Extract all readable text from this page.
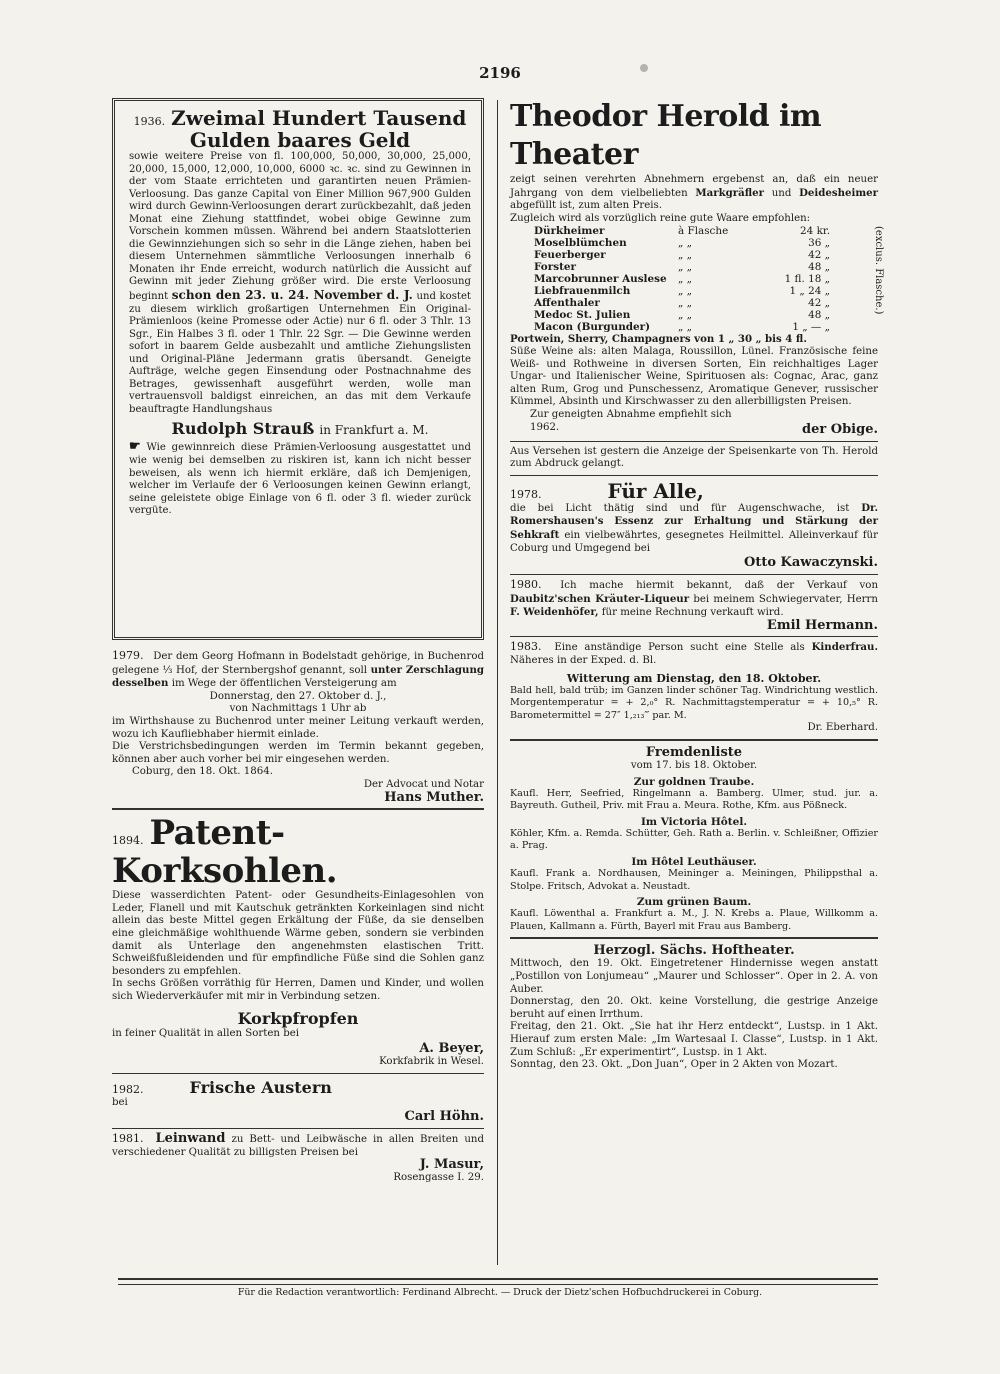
2196
1936. Zweimal Hundert Tausend
Gulden baares Geld
sowie weitere Preise von fl. 100,000, 50,000, 30,000, 25,000, 20,000, 15,000, 12,000, 10,000, 6000 ꝛc. ꝛc. sind zu Gewinnen in der vom Staate errichteten und garantirten neuen Prämien-Verloosung. Das ganze Capital von Einer Million 967,900 Gulden wird durch Gewinn-Verloosungen derart zurückbezahlt, daß jeden Monat eine Ziehung stattfindet, wobei obige Gewinne zum Vorschein kommen müssen. Während bei andern Staatslotterien die Gewinnziehungen sich so sehr in die Länge ziehen, haben bei diesem Unternehmen sämmtliche Verloosungen innerhalb 6 Monaten ihr Ende erreicht, wodurch natürlich die Aussicht auf Gewinn mit jeder Ziehung größer wird. Die erste Verloosung beginnt schon den 23. u. 24. November d. J. und kostet zu diesem wirklich großartigen Unternehmen Ein Original-Prämienloos (keine Promesse oder Actie) nur 6 fl. oder 3 Thlr. 13 Sgr., Ein Halbes 3 fl. oder 1 Thlr. 22 Sgr. — Die Gewinne werden sofort in baarem Gelde ausbezahlt und amtliche Ziehungslisten und Original-Pläne Jedermann gratis übersandt. Geneigte Aufträge, welche gegen Einsendung oder Postnachnahme des Betrages, gewissenhaft ausgeführt werden, wolle man vertrauensvoll baldigst einreichen, an das mit dem Verkaufe beauftragte Handlungshaus
Rudolph Strauß in Frankfurt a. M.
☛ Wie gewinnreich diese Prämien-Verloosung ausgestattet und wie wenig bei demselben zu riskiren ist, kann ich nicht besser beweisen, als wenn ich hiermit erkläre, daß ich Demjenigen, welcher im Verlaufe der 6 Verloosungen keinen Gewinn erlangt, seine geleistete obige Einlage von 6 fl. oder 3 fl. wieder zurück vergüte.
1979. Der dem Georg Hofmann in Bodelstadt gehörige, in Buchenrod gelegene ⅓ Hof, der Sternbergshof genannt, soll unter Zerschlagung desselben im Wege der öffentlichen Versteigerung am
Donnerstag, den 27. Oktober d. J.,
von Nachmittags 1 Uhr ab
im Wirthshause zu Buchenrod unter meiner Leitung verkauft werden, wozu ich Kaufliebhaber hiermit einlade.
Die Verstrichsbedingungen werden im Termin bekannt gegeben, können aber auch vorher bei mir eingesehen werden.
Coburg, den 18. Okt. 1864.
Der Advocat und Notar
Hans Muther.
1894. Patent-Korksohlen.
Diese wasserdichten Patent- oder Gesundheits-Einlagesohlen von Leder, Flanell und mit Kautschuk getränkten Korkeinlagen sind nicht allein das beste Mittel gegen Erkältung der Füße, da sie denselben eine gleichmäßige wohlthuende Wärme geben, sondern sie verbinden damit als Unterlage den angenehmsten elastischen Tritt. Schweißfußleidenden und für empfindliche Füße sind die Sohlen ganz besonders zu empfehlen.
In sechs Größen vorräthig für Herren, Damen und Kinder, und wollen sich Wiederverkäufer mit mir in Verbindung setzen.
Korkpfropfen
in feiner Qualität in allen Sorten bei
A. Beyer,
Korkfabrik in Wesel.
1982.	Frische Austern
bei
Carl Höhn.
1981. Leinwand zu Bett- und Leibwäsche in allen Breiten und verschiedener Qualität zu billigsten Preisen bei
J. Masur,
Rosengasse I. 29.
Theodor Herold im Theater
zeigt seinen verehrten Abnehmern ergebenst an, daß ein neuer Jahrgang von dem vielbeliebten Markgräfler und Deidesheimer abgefüllt ist, zum alten Preis.
Zugleich wird als vorzüglich reine gute Waare empfohlen:
Dürkheimer	à Flasche	24 kr.
Moselblümchen	„ „	36 „
Feuerberger	„ „	42 „
Forster	„ „	48 „
Marcobrunner Auslese	„ „	1 fl. 18 „
Liebfrauenmilch	„ „	1 „ 24 „
Affenthaler	„ „	42 „
Medoc St. Julien	„ „	48 „
Macon (Burgunder)	„ „	1 „ — „
(exclus. Flasche.)
Portwein, Sherry, Champagners von 1 „ 30 „ bis 4 fl.
Süße Weine als: alten Malaga, Roussillon, Lünel. Französische feine Weiß- und Rothweine in diversen Sorten, Ein reichhaltiges Lager Ungar- und Italienischer Weine, Spirituosen als: Cognac, Arac, ganz alten Rum, Grog und Punschessenz, Aromatique Genever, russischer Kümmel, Absinth und Kirschwasser zu den allerbilligsten Preisen.
Zur geneigten Abnahme empfiehlt sich
1962.	der Obige.
Aus Versehen ist gestern die Anzeige der Speisenkarte von Th. Herold zum Abdruck gelangt.
1978.	Für Alle,
die bei Licht thätig sind und für Augenschwache, ist Dr. Romershausen's Essenz zur Erhaltung und Stärkung der Sehkraft ein vielbewährtes, gesegnetes Heilmittel. Alleinverkauf für Coburg und Umgegend bei
Otto Kawaczynski.
1980. Ich mache hiermit bekannt, daß der Verkauf von Daubitz'schen Kräuter-Liqueur bei meinem Schwiegervater, Herrn F. Weidenhöfer, für meine Rechnung verkauft wird.
Emil Hermann.
1983. Eine anständige Person sucht eine Stelle als Kinderfrau. Näheres in der Exped. d. Bl.
Witterung am Dienstag, den 18. Oktober.
Bald hell, bald trüb; im Ganzen linder schöner Tag. Windrichtung westlich. Morgentemperatur = + 2,₀° R. Nachmittagstemperatur = + 10,₅° R. Barometermittel = 27″ 1,₂₁₃‴ par. M.
Dr. Eberhard.
Fremdenliste
vom 17. bis 18. Oktober.
Zur goldnen Traube.
Kaufl. Herr, Seefried, Ringelmann a. Bamberg. Ulmer, stud. jur. a. Bayreuth. Gutheil, Priv. mit Frau a. Meura. Rothe, Kfm. aus Pößneck.
Im Victoria Hôtel.
Köhler, Kfm. a. Remda. Schütter, Geh. Rath a. Berlin. v. Schleißner, Offizier a. Prag.
Im Hôtel Leuthäuser.
Kaufl. Frank a. Nordhausen, Meininger a. Meiningen, Philippsthal a. Stolpe. Fritsch, Advokat a. Neustadt.
Zum grünen Baum.
Kaufl. Löwenthal a. Frankfurt a. M., J. N. Krebs a. Plaue, Willkomm a. Plauen, Kallmann a. Fürth, Bayerl mit Frau aus Bamberg.
Herzogl. Sächs. Hoftheater.
Mittwoch, den 19. Okt. Eingetretener Hindernisse wegen anstatt „Postillon von Lonjumeau“ „Maurer und Schlosser“. Oper in 2. A. von Auber.
Donnerstag, den 20. Okt. keine Vorstellung, die gestrige Anzeige beruht auf einen Irrthum.
Freitag, den 21. Okt. „Sie hat ihr Herz entdeckt“, Lustsp. in 1 Akt. Hierauf zum ersten Male: „Im Wartesaal I. Classe“, Lustsp. in 1 Akt. Zum Schluß: „Er experimentirt“, Lustsp. in 1 Akt.
Sonntag, den 23. Okt. „Don Juan“, Oper in 2 Akten von Mozart.
Für die Redaction verantwortlich: Ferdinand Albrecht. — Druck der Dietz'schen Hofbuchdruckerei in Coburg.
